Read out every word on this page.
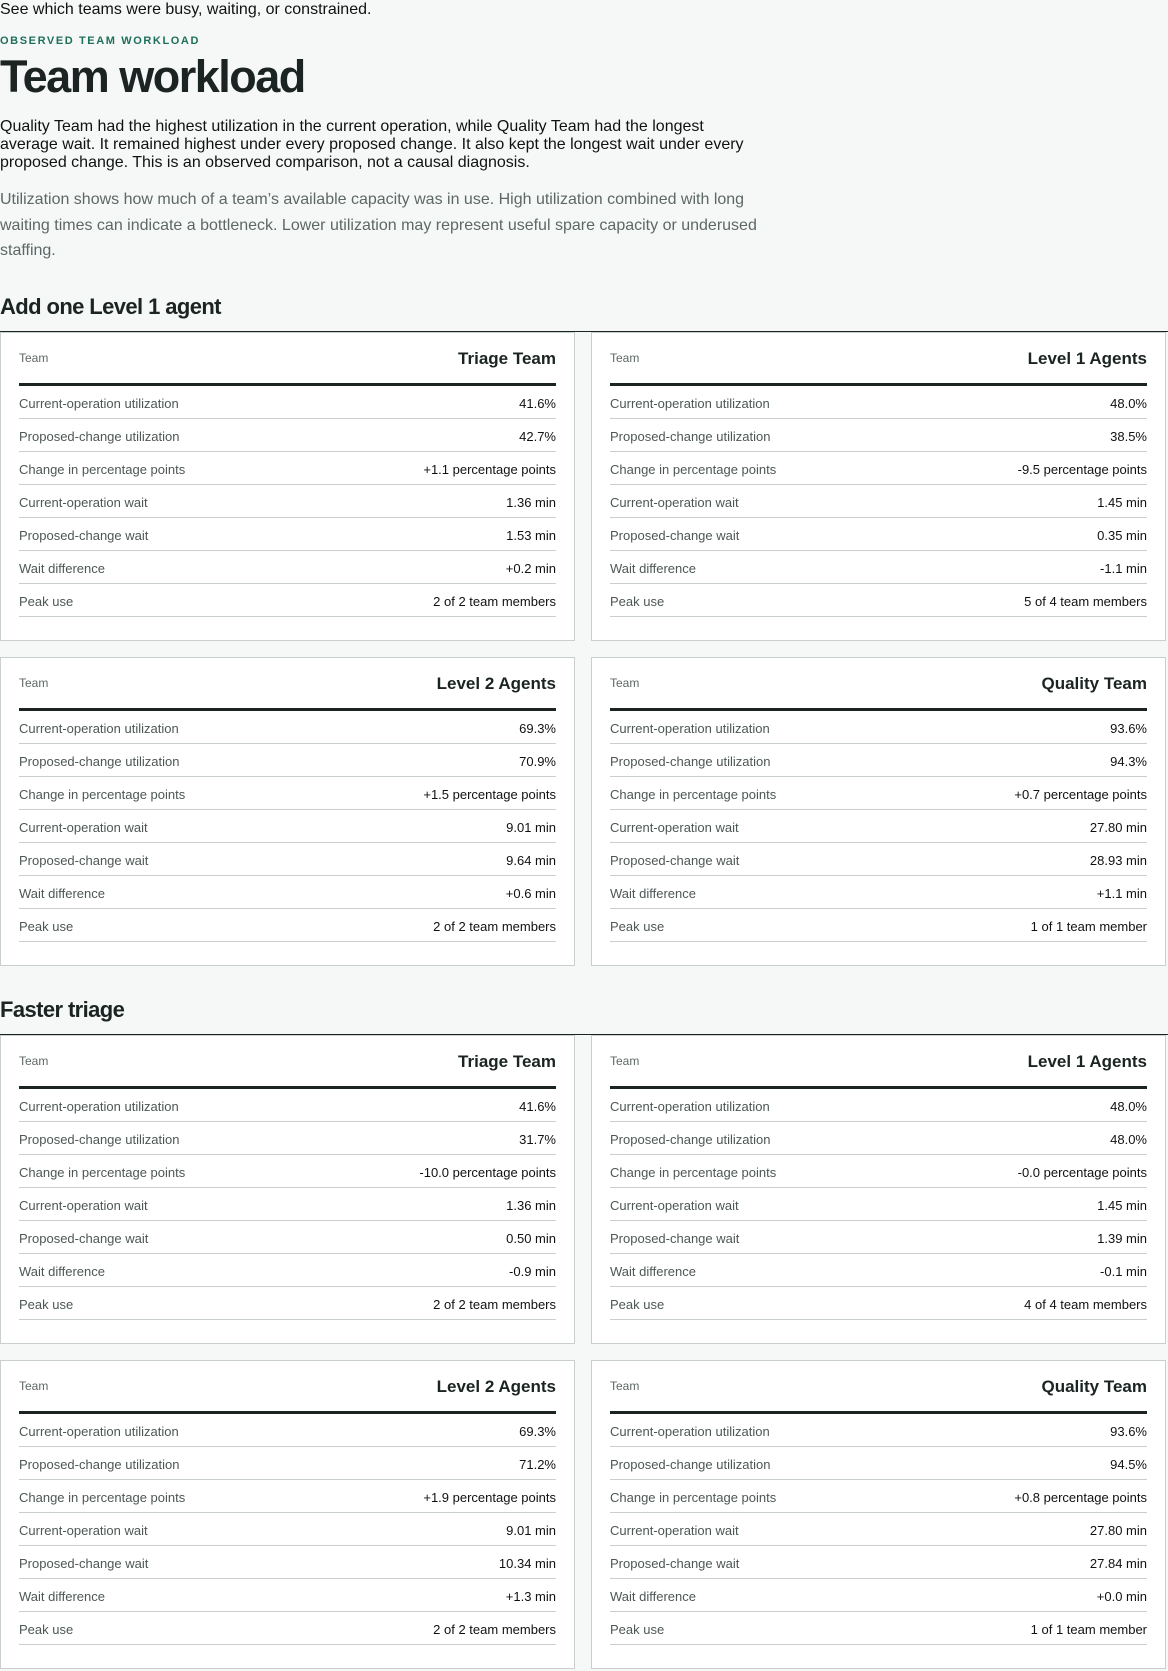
See which teams were busy, waiting, or constrained.
OBSERVED TEAM WORKLOAD
Team workload
Quality Team had the highest utilization in the current operation, while Quality Team had the longest average wait. It remained highest under every proposed change. It also kept the longest wait under every proposed change. This is an observed comparison, not a causal diagnosis.
Utilization shows how much of a team’s available capacity was in use. High utilization combined with long waiting times can indicate a bottleneck. Lower utilization may represent useful spare capacity or underused staffing.
Add one Level 1 agent
Faster triage
Team	Triage Team
Current-operation utilization	41.6%
Proposed-change utilization	42.7%
Change in percentage points	+1.1 percentage points
Current-operation wait	1.36 min
Proposed-change wait	1.53 min
Wait difference	+0.2 min
Peak use	2 of 2 team members
Team	Level 1 Agents
Current-operation utilization	48.0%
Proposed-change utilization	38.5%
Change in percentage points	-9.5 percentage points
Current-operation wait	1.45 min
Proposed-change wait	0.35 min
Wait difference	-1.1 min
Peak use	5 of 4 team members
Team	Level 2 Agents
Current-operation utilization	69.3%
Proposed-change utilization	70.9%
Change in percentage points	+1.5 percentage points
Current-operation wait	9.01 min
Proposed-change wait	9.64 min
Wait difference	+0.6 min
Peak use	2 of 2 team members
Team	Quality Team
Current-operation utilization	93.6%
Proposed-change utilization	94.3%
Change in percentage points	+0.7 percentage points
Current-operation wait	27.80 min
Proposed-change wait	28.93 min
Wait difference	+1.1 min
Peak use	1 of 1 team member
Team	Triage Team
Current-operation utilization	41.6%
Proposed-change utilization	31.7%
Change in percentage points	-10.0 percentage points
Current-operation wait	1.36 min
Proposed-change wait	0.50 min
Wait difference	-0.9 min
Peak use	2 of 2 team members
Team	Level 1 Agents
Current-operation utilization	48.0%
Proposed-change utilization	48.0%
Change in percentage points	-0.0 percentage points
Current-operation wait	1.45 min
Proposed-change wait	1.39 min
Wait difference	-0.1 min
Peak use	4 of 4 team members
Team	Level 2 Agents
Current-operation utilization	69.3%
Proposed-change utilization	71.2%
Change in percentage points	+1.9 percentage points
Current-operation wait	9.01 min
Proposed-change wait	10.34 min
Wait difference	+1.3 min
Peak use	2 of 2 team members
Team	Quality Team
Current-operation utilization	93.6%
Proposed-change utilization	94.5%
Change in percentage points	+0.8 percentage points
Current-operation wait	27.80 min
Proposed-change wait	27.84 min
Wait difference	+0.0 min
Peak use	1 of 1 team member
